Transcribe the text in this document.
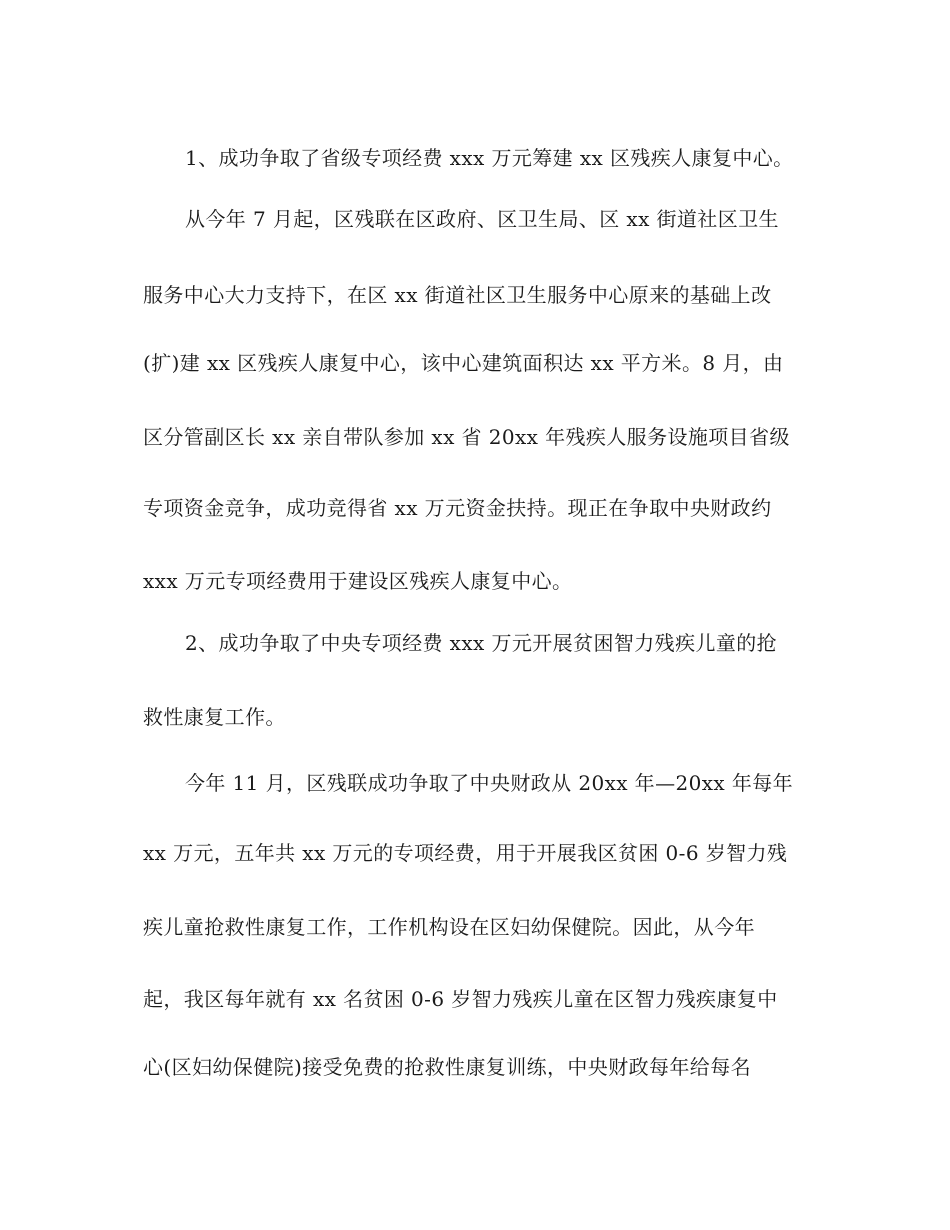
1、成功争取了省级专项经费 xxx 万元筹建 xx 区残疾人康复中心。
从今年 7 月起，区残联在区政府、区卫生局、区 xx 街道社区卫生
服务中心大力支持下，在区 xx 街道社区卫生服务中心原来的基础上改
(扩)建 xx 区残疾人康复中心，该中心建筑面积达 xx 平方米。8 月，由
区分管副区长 xx 亲自带队参加 xx 省 20xx 年残疾人服务设施项目省级
专项资金竞争，成功竞得省 xx 万元资金扶持。现正在争取中央财政约
xxx 万元专项经费用于建设区残疾人康复中心。
2、成功争取了中央专项经费 xxx 万元开展贫困智力残疾儿童的抢
救性康复工作。
今年 11 月，区残联成功争取了中央财政从 20xx 年—20xx 年每年
xx 万元，五年共 xx 万元的专项经费，用于开展我区贫困 0-6 岁智力残
疾儿童抢救性康复工作，工作机构设在区妇幼保健院。因此，从今年
起，我区每年就有 xx 名贫困 0-6 岁智力残疾儿童在区智力残疾康复中
心(区妇幼保健院)接受免费的抢救性康复训练，中央财政每年给每名
